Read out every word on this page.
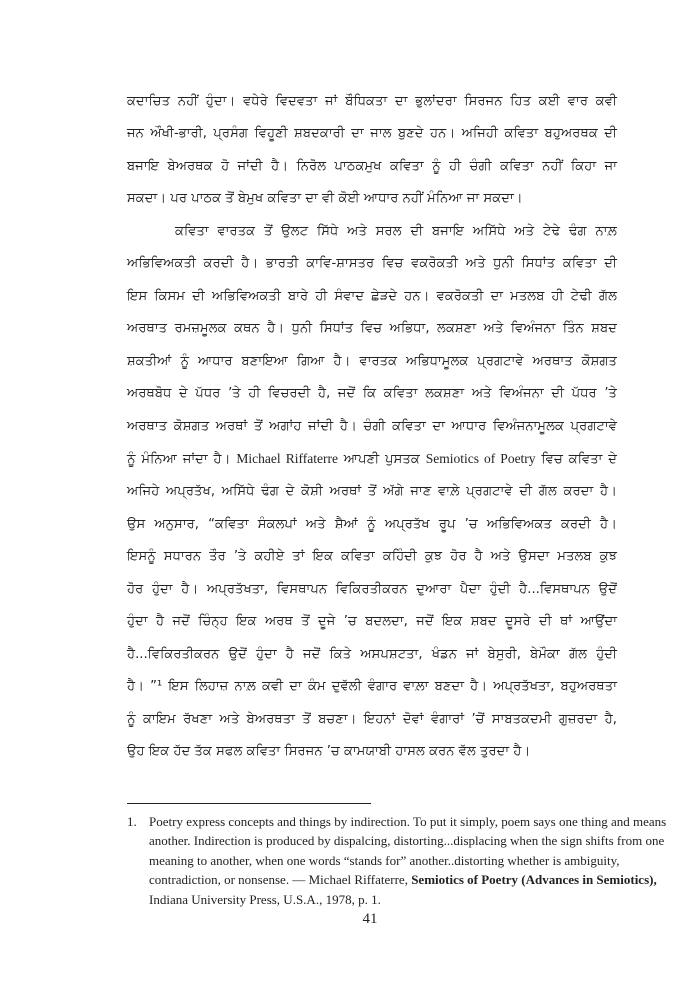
ਕਦਾਚਿਤ ਨਹੀਂ ਹੁੰਦਾ। ਵਧੇਰੇ ਵਿਦਵਤਾ ਜਾਂ ਬੌਧਿਕਤਾ ਦਾ ਭੁਲਾਂਦਰਾ ਸਿਰਜਨ ਹਿਤ ਕਈ ਵਾਰ ਕਵੀ
ਜਨ ਔਖੀ-ਭਾਰੀ, ਪ੍ਰਸੰਗ ਵਿਹੂਣੀ ਸ਼ਬਦਕਾਰੀ ਦਾ ਜਾਲ ਬੁਣਦੇ ਹਨ। ਅਜਿਹੀ ਕਵਿਤਾ ਬਹੁਅਰਥਕ ਦੀ
ਬਜਾਇ ਬੇਅਰਥਕ ਹੋ ਜਾਂਦੀ ਹੈ। ਨਿਰੋਲ ਪਾਠਕਮੁਖ ਕਵਿਤਾ ਨੂੰ ਹੀ ਚੰਗੀ ਕਵਿਤਾ ਨਹੀਂ ਕਿਹਾ ਜਾ
ਸਕਦਾ। ਪਰ ਪਾਠਕ ਤੋਂ ਬੇਮੁਖ ਕਵਿਤਾ ਦਾ ਵੀ ਕੋਈ ਆਧਾਰ ਨਹੀਂ ਮੰਨਿਆ ਜਾ ਸਕਦਾ।
ਕਵਿਤਾ ਵਾਰਤਕ ਤੋਂ ਉਲਟ ਸਿੱਧੇ ਅਤੇ ਸਰਲ ਦੀ ਬਜਾਇ ਅਸਿੱਧੇ ਅਤੇ ਟੇਢੇ ਢੰਗ ਨਾਲ਼
ਅਭਿਵਿਅਕਤੀ ਕਰਦੀ ਹੈ। ਭਾਰਤੀ ਕਾਵਿ-ਸ਼ਾਸਤਰ ਵਿਚ ਵਕਰੋਕਤੀ ਅਤੇ ਧੁਨੀ ਸਿਧਾਂਤ ਕਵਿਤਾ ਦੀ
ਇਸ ਕਿਸਮ ਦੀ ਅਭਿਵਿਅਕਤੀ ਬਾਰੇ ਹੀ ਸੰਵਾਦ ਛੇੜਦੇ ਹਨ। ਵਕਰੋਕਤੀ ਦਾ ਮਤਲਬ ਹੀ ਟੇਢੀ ਗੱਲ
ਅਰਥਾਤ ਰਮਜ਼ਮੂਲਕ ਕਥਨ ਹੈ। ਧੁਨੀ ਸਿਧਾਂਤ ਵਿਚ ਅਭਿਧਾ, ਲਕਸ਼ਣਾ ਅਤੇ ਵਿਅੰਜਨਾ ਤਿੰਨ ਸ਼ਬਦ
ਸ਼ਕਤੀਆਂ ਨੂੰ ਆਧਾਰ ਬਣਾਇਆ ਗਿਆ ਹੈ। ਵਾਰਤਕ ਅਭਿਧਾਮੂਲਕ ਪ੍ਰਗਟਾਵੇ ਅਰਥਾਤ ਕੋਸ਼ਗਤ
ਅਰਥਬੋਧ ਦੇ ਪੱਧਰ ’ਤੇ ਹੀ ਵਿਚਰਦੀ ਹੈ, ਜਦੋਂ ਕਿ ਕਵਿਤਾ ਲਕਸ਼ਣਾ ਅਤੇ ਵਿਅੰਜਨਾ ਦੀ ਪੱਧਰ ’ਤੇ
ਅਰਥਾਤ ਕੋਸ਼ਗਤ ਅਰਥਾਂ ਤੋਂ ਅਗਾਂਹ ਜਾਂਦੀ ਹੈ। ਚੰਗੀ ਕਵਿਤਾ ਦਾ ਆਧਾਰ ਵਿਅੰਜਨਾਮੂਲਕ ਪ੍ਰਗਟਾਵੇ
ਨੂੰ ਮੰਨਿਆ ਜਾਂਦਾ ਹੈ। Michael Riffaterre ਆਪਣੀ ਪੁਸਤਕ Semiotics of Poetry ਵਿਚ ਕਵਿਤਾ ਦੇ
ਅਜਿਹੇ ਅਪ੍ਰਤੱਖ, ਅਸਿੱਧੇ ਢੰਗ ਦੇ ਕੋਸ਼ੀ ਅਰਥਾਂ ਤੋਂ ਅੱਗੇ ਜਾਣ ਵਾਲ਼ੇ ਪ੍ਰਗਟਾਵੇ ਦੀ ਗੱਲ ਕਰਦਾ ਹੈ।
ਉਸ ਅਨੁਸਾਰ, “ਕਵਿਤਾ ਸੰਕਲਪਾਂ ਅਤੇ ਸ਼ੈਆਂ ਨੂੰ ਅਪ੍ਰਤੱਖ ਰੂਪ ’ਚ ਅਭਿਵਿਅਕਤ ਕਰਦੀ ਹੈ।
ਇਸਨੂੰ ਸਧਾਰਨ ਤੌਰ ’ਤੇ ਕਹੀਏ ਤਾਂ ਇਕ ਕਵਿਤਾ ਕਹਿੰਦੀ ਕੁਝ ਹੋਰ ਹੈ ਅਤੇ ਉਸਦਾ ਮਤਲਬ ਕੁਝ
ਹੋਰ ਹੁੰਦਾ ਹੈ। ਅਪ੍ਰਤੱਖਤਾ, ਵਿਸਥਾਪਨ ਵਿਕਿਰਤੀਕਰਨ ਦੁਆਰਾ ਪੈਦਾ ਹੁੰਦੀ ਹੈ...ਵਿਸਥਾਪਨ ਉਦੋਂ
ਹੁੰਦਾ ਹੈ ਜਦੋਂ ਚਿੰਨ੍ਹ ਇਕ ਅਰਥ ਤੋਂ ਦੂਜੇ ’ਚ ਬਦਲਦਾ, ਜਦੋਂ ਇਕ ਸ਼ਬਦ ਦੂਸਰੇ ਦੀ ਥਾਂ ਆਉਂਦਾ
ਹੈ...ਵਿਕਿਰਤੀਕਰਨ ਉਦੋਂ ਹੁੰਦਾ ਹੈ ਜਦੋਂ ਕਿਤੇ ਅਸਪਸ਼ਟਤਾ, ਖੰਡਨ ਜਾਂ ਬੇਸੁਰੀ, ਬੇਮੌਕਾ ਗੱਲ ਹੁੰਦੀ
ਹੈ। ”¹ ਇਸ ਲਿਹਾਜ਼ ਨਾਲ਼ ਕਵੀ ਦਾ ਕੰਮ ਦੁਵੱਲੀ ਵੰਗਾਰ ਵਾਲ਼ਾ ਬਣਦਾ ਹੈ। ਅਪ੍ਰਤੱਖਤਾ, ਬਹੁਅਰਥਤਾ
ਨੂੰ ਕਾਇਮ ਰੱਖਣਾ ਅਤੇ ਬੇਅਰਥਤਾ ਤੋਂ ਬਚਣਾ। ਇਹਨਾਂ ਦੋਵਾਂ ਵੰਗਾਰਾਂ ’ਚੋਂ ਸਾਬਤਕਦਮੀ ਗੁਜ਼ਰਦਾ ਹੈ,
ਉਹ ਇਕ ਹੱਦ ਤੱਕ ਸਫਲ ਕਵਿਤਾ ਸਿਰਜਨ ’ਚ ਕਾਮਯਾਬੀ ਹਾਸਲ ਕਰਨ ਵੱਲ ਤੁਰਦਾ ਹੈ।
1. Poetry express concepts and things by indirection. To put it simply, poem says one thing and means
another. Indirection is produced by dispalcing, distorting...displacing when the sign shifts from one
meaning to another, when one words “stands for” another..distorting whether is ambiguity,
contradiction, or nonsense. — Michael Riffaterre, Semiotics of Poetry (Advances in Semiotics),
Indiana University Press, U.S.A., 1978, p. 1.
41
